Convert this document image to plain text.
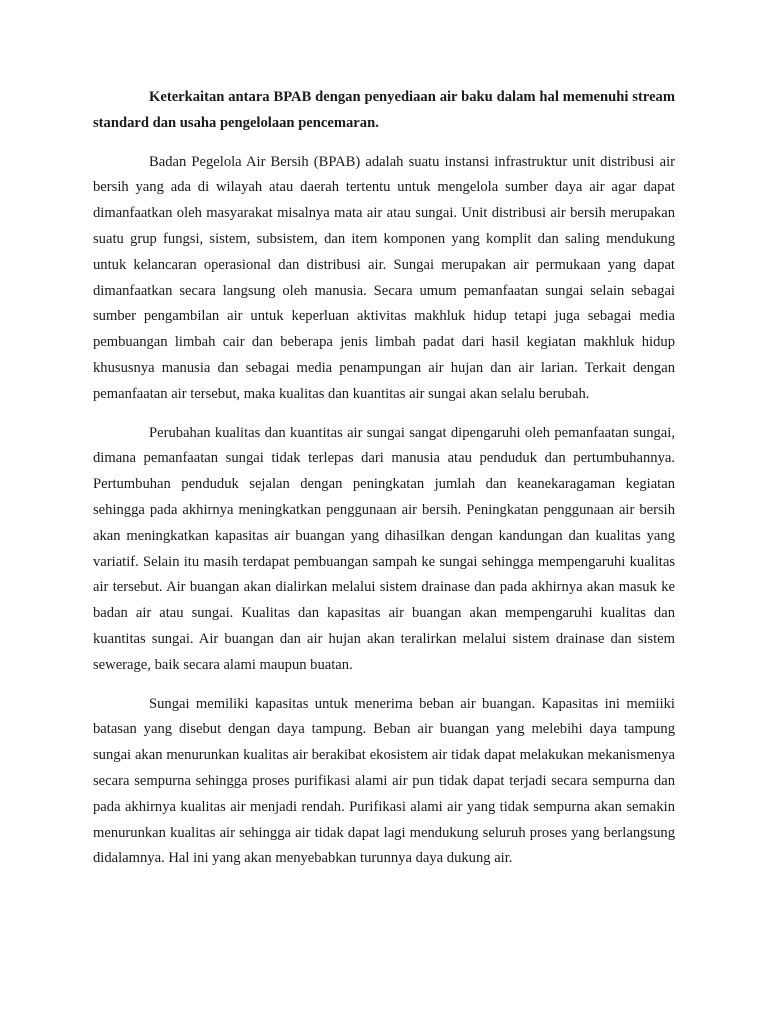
Keterkaitan antara BPAB dengan penyediaan air baku dalam hal memenuhi stream standard dan usaha pengelolaan pencemaran.

Badan Pegelola Air Bersih (BPAB) adalah suatu instansi infrastruktur unit distribusi air bersih yang ada di wilayah atau daerah tertentu untuk mengelola sumber daya air agar dapat dimanfaatkan oleh masyarakat misalnya mata air atau sungai. Unit distribusi air bersih merupakan suatu grup fungsi, sistem, subsistem, dan item komponen yang komplit dan saling mendukung untuk kelancaran operasional dan distribusi air. Sungai merupakan air permukaan yang dapat dimanfaatkan secara langsung oleh manusia. Secara umum pemanfaatan sungai selain sebagai sumber pengambilan air untuk keperluan aktivitas makhluk hidup tetapi juga sebagai media pembuangan limbah cair dan beberapa jenis limbah padat dari hasil kegiatan makhluk hidup khususnya manusia dan sebagai media penampungan air hujan dan air larian. Terkait dengan pemanfaatan air tersebut, maka kualitas dan kuantitas air sungai akan selalu berubah.

Perubahan kualitas dan kuantitas air sungai sangat dipengaruhi oleh pemanfaatan sungai, dimana pemanfaatan sungai tidak terlepas dari manusia atau penduduk dan pertumbuhannya. Pertumbuhan penduduk sejalan dengan peningkatan jumlah dan keanekaragaman kegiatan sehingga pada akhirnya meningkatkan penggunaan air bersih. Peningkatan penggunaan air bersih akan meningkatkan kapasitas air buangan yang dihasilkan dengan kandungan dan kualitas yang variatif. Selain itu masih terdapat pembuangan sampah ke sungai sehingga mempengaruhi kualitas air tersebut. Air buangan akan dialirkan melalui sistem drainase dan pada akhirnya akan masuk ke badan air atau sungai. Kualitas dan kapasitas air buangan akan mempengaruhi kualitas dan kuantitas sungai. Air buangan dan air hujan akan teralirkan melalui sistem drainase dan sistem sewerage, baik secara alami maupun buatan.

Sungai memiliki kapasitas untuk menerima beban air buangan. Kapasitas ini memiiki batasan yang disebut dengan daya tampung. Beban air buangan yang melebihi daya tampung sungai akan menurunkan kualitas air berakibat ekosistem air tidak dapat melakukan mekanismenya secara sempurna sehingga proses purifikasi alami air pun tidak dapat terjadi secara sempurna dan pada akhirnya kualitas air menjadi rendah. Purifikasi alami air yang tidak sempurna akan semakin menurunkan kualitas air sehingga air tidak dapat lagi mendukung seluruh proses yang berlangsung didalamnya. Hal ini yang akan menyebabkan turunnya daya dukung air.
